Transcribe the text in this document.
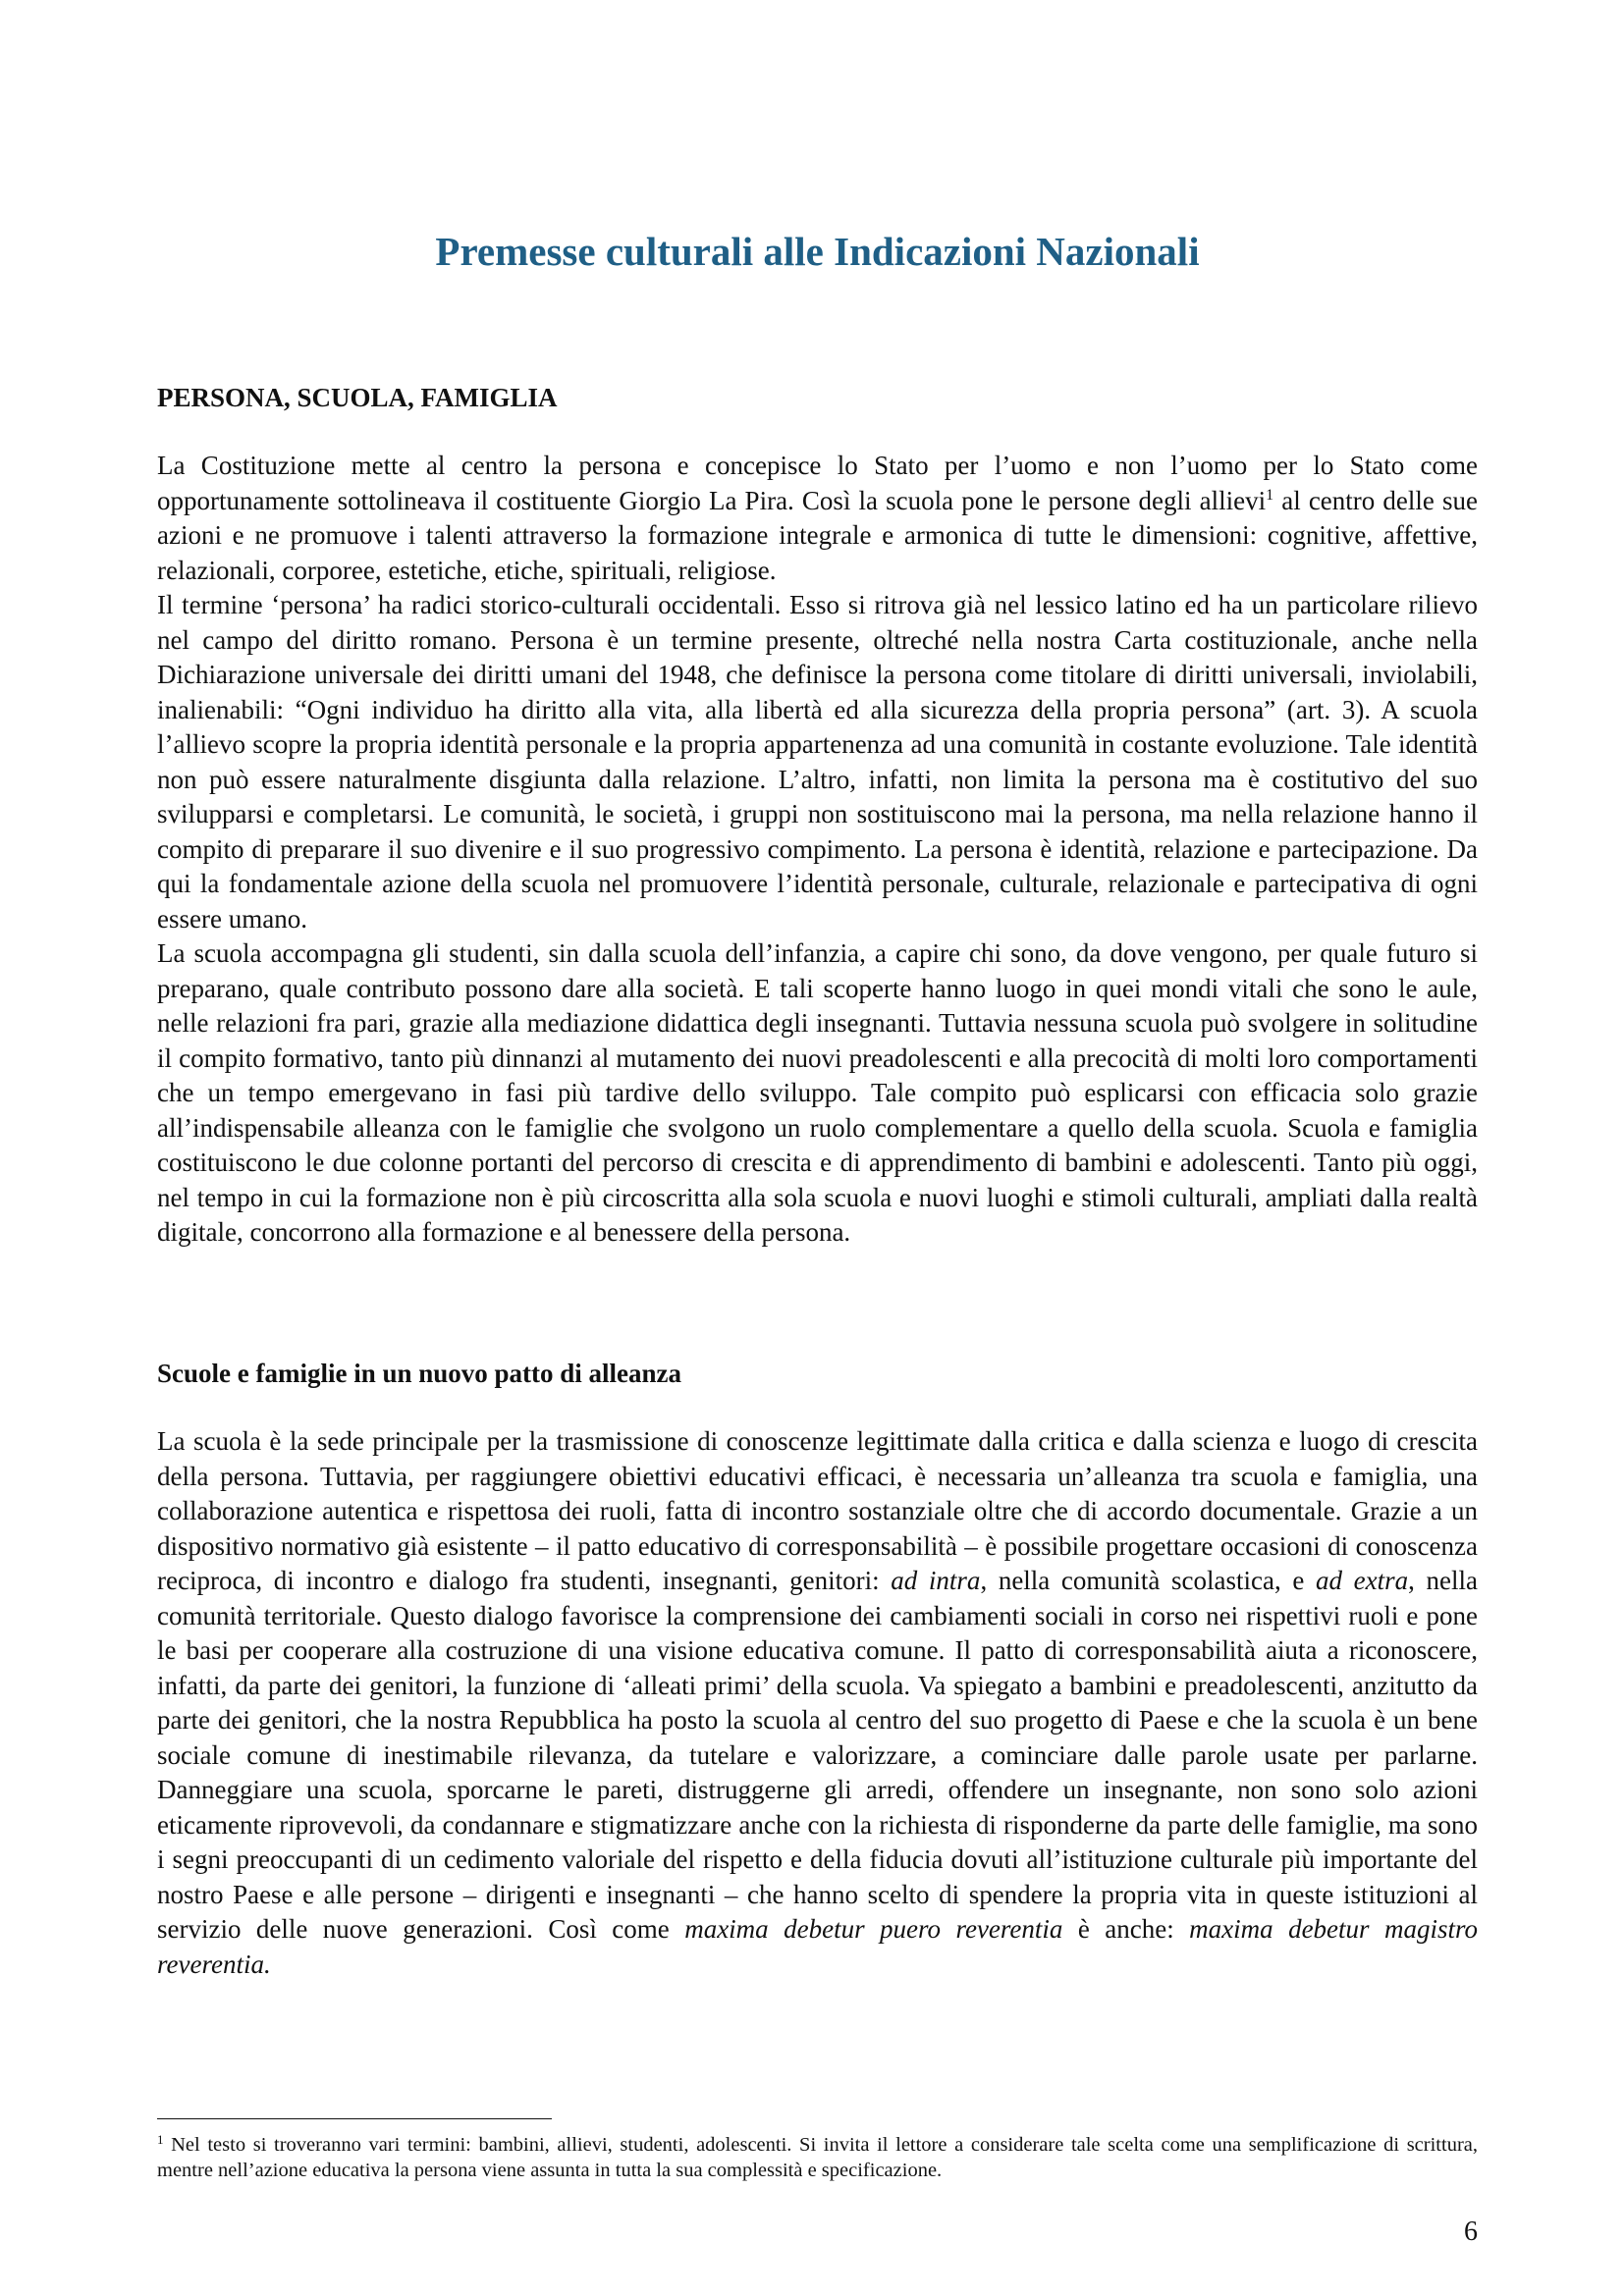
Premesse culturali alle Indicazioni Nazionali
PERSONA, SCUOLA, FAMIGLIA

La Costituzione mette al centro la persona e concepisce lo Stato per l’uomo e non l’uomo per lo Stato come opportunamente sottolineava il costituente Giorgio La Pira. Così la scuola pone le persone degli allievi$^1$ al centro delle sue azioni e ne promuove i talenti attraverso la formazione integrale e armonica di tutte le dimensioni: cognitive, affettive, relazionali, corporee, estetiche, etiche, spirituali, religiose.

Il termine ‘persona’ ha radici storico-culturali occidentali. Esso si ritrova già nel lessico latino ed ha un particolare rilievo nel campo del diritto romano. Persona è un termine presente, oltreché nella nostra Carta costituzionale, anche nella Dichiarazione universale dei diritti umani del 1948, che definisce la persona come titolare di diritti universali, inviolabili, inalienabili: “Ogni individuo ha diritto alla vita, alla libertà ed alla sicurezza della propria persona” (art. 3). A scuola l’allievo scopre la propria identità personale e la propria appartenenza ad una comunità in costante evoluzione. Tale identità non può essere naturalmente disgiunta dalla relazione. L’altro, infatti, non limita la persona ma è costitutivo del suo svilupparsi e completarsi. Le comunità, le società, i gruppi non sostituiscono mai la persona, ma nella relazione hanno il compito di preparare il suo divenire e il suo progressivo compimento. La persona è identità, relazione e partecipazione. Da qui la fondamentale azione della scuola nel promuovere l’identità personale, culturale, relazionale e partecipativa di ogni essere umano.

La scuola accompagna gli studenti, sin dalla scuola dell’infanzia, a capire chi sono, da dove vengono, per quale futuro si preparano, quale contributo possono dare alla società. E tali scoperte hanno luogo in quei mondi vitali che sono le aule, nelle relazioni fra pari, grazie alla mediazione didattica degli insegnanti. Tuttavia nessuna scuola può svolgere in solitudine il compito formativo, tanto più dinnanzi al mutamento dei nuovi preadolescenti e alla precocità di molti loro comportamenti che un tempo emergevano in fasi più tardive dello sviluppo. Tale compito può esplicarsi con efficacia solo grazie all’indispensabile alleanza con le famiglie che svolgono un ruolo complementare a quello della scuola. Scuola e famiglia costituiscono le due colonne portanti del percorso di crescita e di apprendimento di bambini e adolescenti. Tanto più oggi, nel tempo in cui la formazione non è più circoscritta alla sola scuola e nuovi luoghi e stimoli culturali, ampliati dalla realtà digitale, concorrono alla formazione e al benessere della persona.

Scuole e famiglie in un nuovo patto di alleanza

La scuola è la sede principale per la trasmissione di conoscenze legittimate dalla critica e dalla scienza e luogo di crescita della persona. Tuttavia, per raggiungere obiettivi educativi efficaci, è necessaria un’alleanza tra scuola e famiglia, una collaborazione autentica e rispettosa dei ruoli, fatta di incontro sostanziale oltre che di accordo documentale. Grazie a un dispositivo normativo già esistente – il patto educativo di corresponsabilità – è possibile progettare occasioni di conoscenza reciproca, di incontro e dialogo fra studenti, insegnanti, genitori: ad intra, nella comunità scolastica, e ad extra, nella comunità territoriale. Questo dialogo favorisce la comprensione dei cambiamenti sociali in corso nei rispettivi ruoli e pone le basi per cooperare alla costruzione di una visione educativa comune. Il patto di corresponsabilità aiuta a riconoscere, infatti, da parte dei genitori, la funzione di ‘alleati primi’ della scuola. Va spiegato a bambini e preadolescenti, anzitutto da parte dei genitori, che la nostra Repubblica ha posto la scuola al centro del suo progetto di Paese e che la scuola è un bene sociale comune di inestimabile rilevanza, da tutelare e valorizzare, a cominciare dalle parole usate per parlarne. Danneggiare una scuola, sporcarne le pareti, distruggerne gli arredi, offendere un insegnante, non sono solo azioni eticamente riprovevoli, da condannare e stigmatizzare anche con la richiesta di risponderne da parte delle famiglie, ma sono i segni preoccupanti di un cedimento valoriale del rispetto e della fiducia dovuti all’istituzione culturale più importante del nostro Paese e alle persone – dirigenti e insegnanti – che hanno scelto di spendere la propria vita in queste istituzioni al servizio delle nuove generazioni. Così come maxima debetur puero reverentia è anche: maxima debetur magistro reverentia.

$^1$ Nel testo si troveranno vari termini: bambini, allievi, studenti, adolescenti. Si invita il lettore a considerare tale scelta come una semplificazione di scrittura, mentre nell’azione educativa la persona viene assunta in tutta la sua complessità e specificazione.

6
